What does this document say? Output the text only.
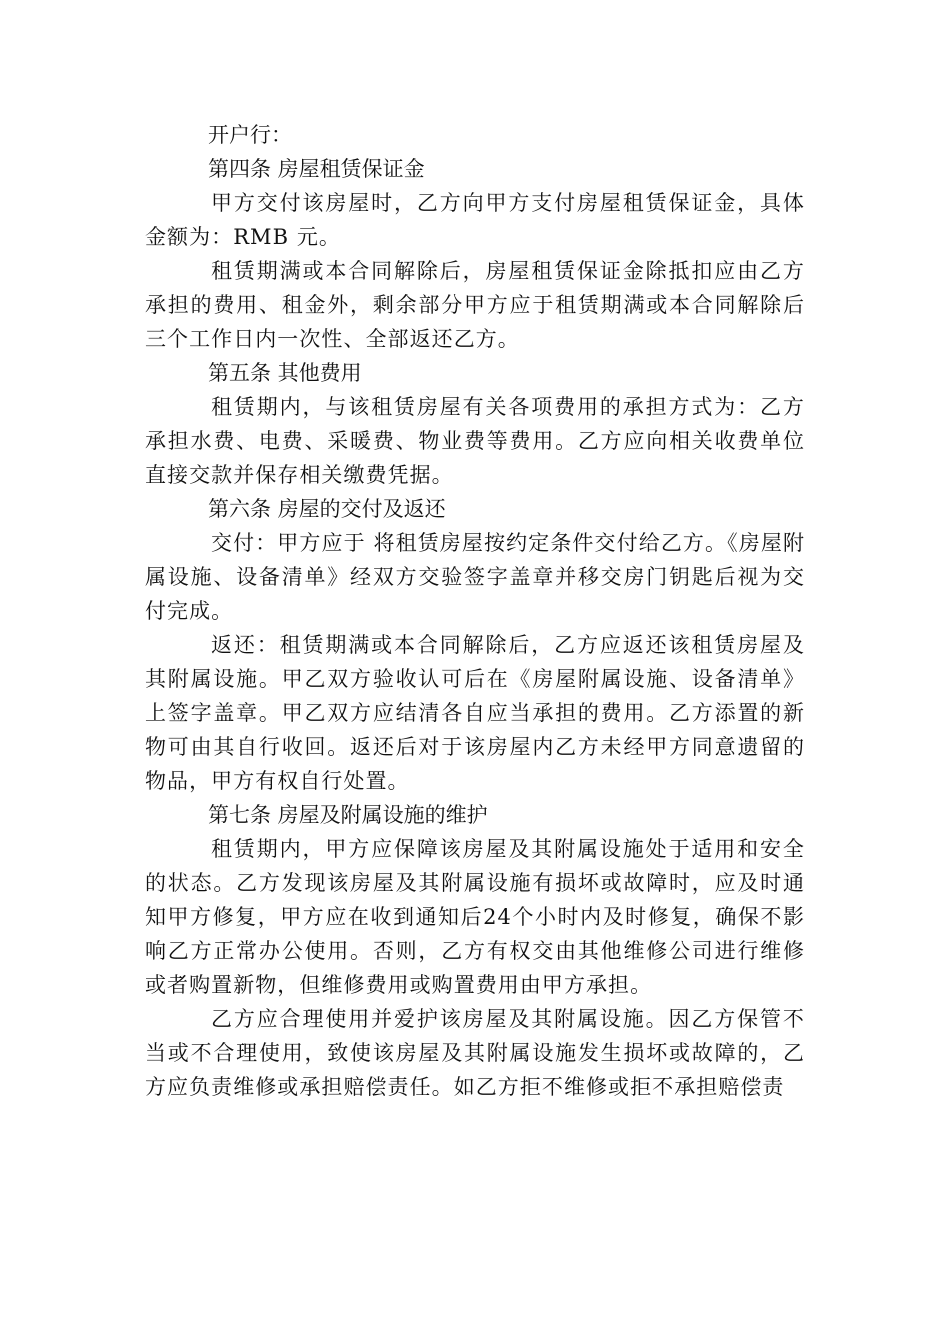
开户行：

第四条 房屋租赁保证金

甲方交付该房屋时，乙方向甲方支付房屋租赁保证金，具体金额为：RMB 元。

租赁期满或本合同解除后，房屋租赁保证金除抵扣应由乙方承担的费用、租金外，剩余部分甲方应于租赁期满或本合同解除后三个工作日内一次性、全部返还乙方。

第五条 其他费用

租赁期内，与该租赁房屋有关各项费用的承担方式为：乙方承担水费、电费、采暖费、物业费等费用。乙方应向相关收费单位直接交款并保存相关缴费凭据。

第六条 房屋的交付及返还

交付：甲方应于 将租赁房屋按约定条件交付给乙方。《房屋附属设施、设备清单》经双方交验签字盖章并移交房门钥匙后视为交付完成。

返还：租赁期满或本合同解除后，乙方应返还该租赁房屋及其附属设施。甲乙双方验收认可后在《房屋附属设施、设备清单》上签字盖章。甲乙双方应结清各自应当承担的费用。乙方添置的新物可由其自行收回。返还后对于该房屋内乙方未经甲方同意遗留的物品，甲方有权自行处置。

第七条 房屋及附属设施的维护

租赁期内，甲方应保障该房屋及其附属设施处于适用和安全的状态。乙方发现该房屋及其附属设施有损坏或故障时，应及时通知甲方修复，甲方应在收到通知后24个小时内及时修复，确保不影响乙方正常办公使用。否则，乙方有权交由其他维修公司进行维修或者购置新物，但维修费用或购置费用由甲方承担。

乙方应合理使用并爱护该房屋及其附属设施。因乙方保管不当或不合理使用，致使该房屋及其附属设施发生损坏或故障的，乙方应负责维修或承担赔偿责任。如乙方拒不维修或拒不承担赔偿责
